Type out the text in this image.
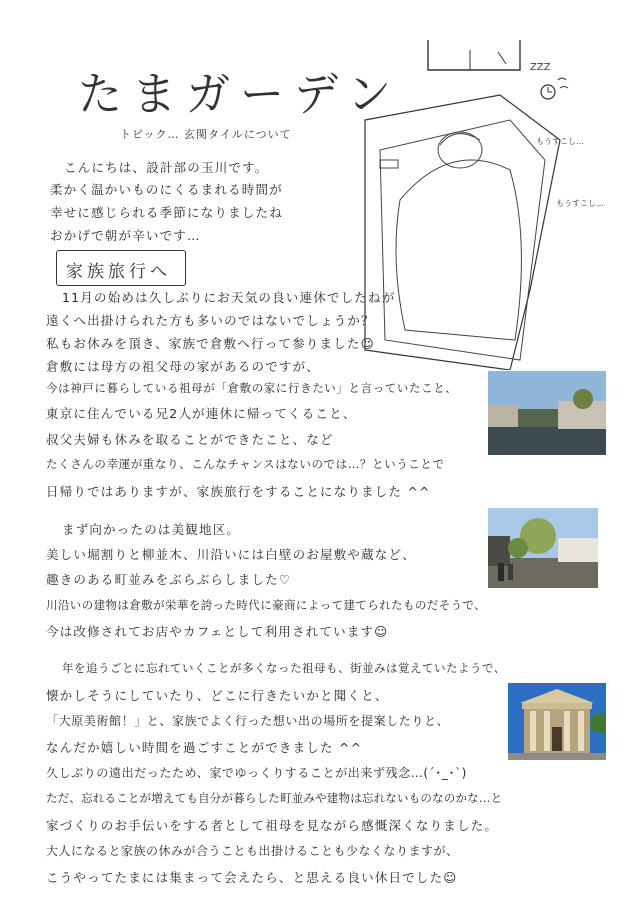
たまガーデン
トピック… 玄関タイルについて
こんにちは、設計部の玉川です。
柔かく温かいものにくるまれる時間が
幸せに感じられる季節になりましたね
おかげで朝が辛いです…
家族旅行へ
11月の始めは久しぶりにお天気の良い連休でしたねが
遠くへ出掛けられた方も多いのではないでしょうか？
私もお休みを頂き、家族で倉敷へ行って参りました☺
倉敷には母方の祖父母の家があるのですが、
今は神戸に暮らしている祖母が「倉敷の家に行きたい」と言っていたこと、
東京に住んでいる兄2人が連休に帰ってくること、
叔父夫婦も休みを取ることができたこと、など
たくさんの幸運が重なり、こんなチャンスはないのでは…？ということで
日帰りではありますが、家族旅行をすることになりました ^^
まず向かったのは美観地区。
美しい堀割りと柳並木、川沿いには白壁のお屋敷や蔵など、
趣きのある町並みをぶらぶらしました♡
川沿いの建物は倉敷が栄華を誇った時代に豪商によって建てられたものだそうで、
今は改修されてお店やカフェとして利用されています☺
年を追うごとに忘れていくことが多くなった祖母も、街並みは覚えていたようで、
懐かしそうにしていたり、どこに行きたいかと聞くと、
「大原美術館！」と、家族でよく行った想い出の場所を提案したりと、
なんだか嬉しい時間を過ごすことができました ^^
久しぶりの遠出だったため、家でゆっくりすることが出来ず残念…(´･_･`)
ただ、忘れることが増えても自分が暮らした町並みや建物は忘れないものなのかな…と
家づくりのお手伝いをする者として祖母を見ながら感慨深くなりました。
大人になると家族の休みが合うことも出掛けることも少なくなりますが、
こうやってたまには集まって会えたら、と思える良い休日でした☺
もうすこし…
もうすこし…
ZZZ
